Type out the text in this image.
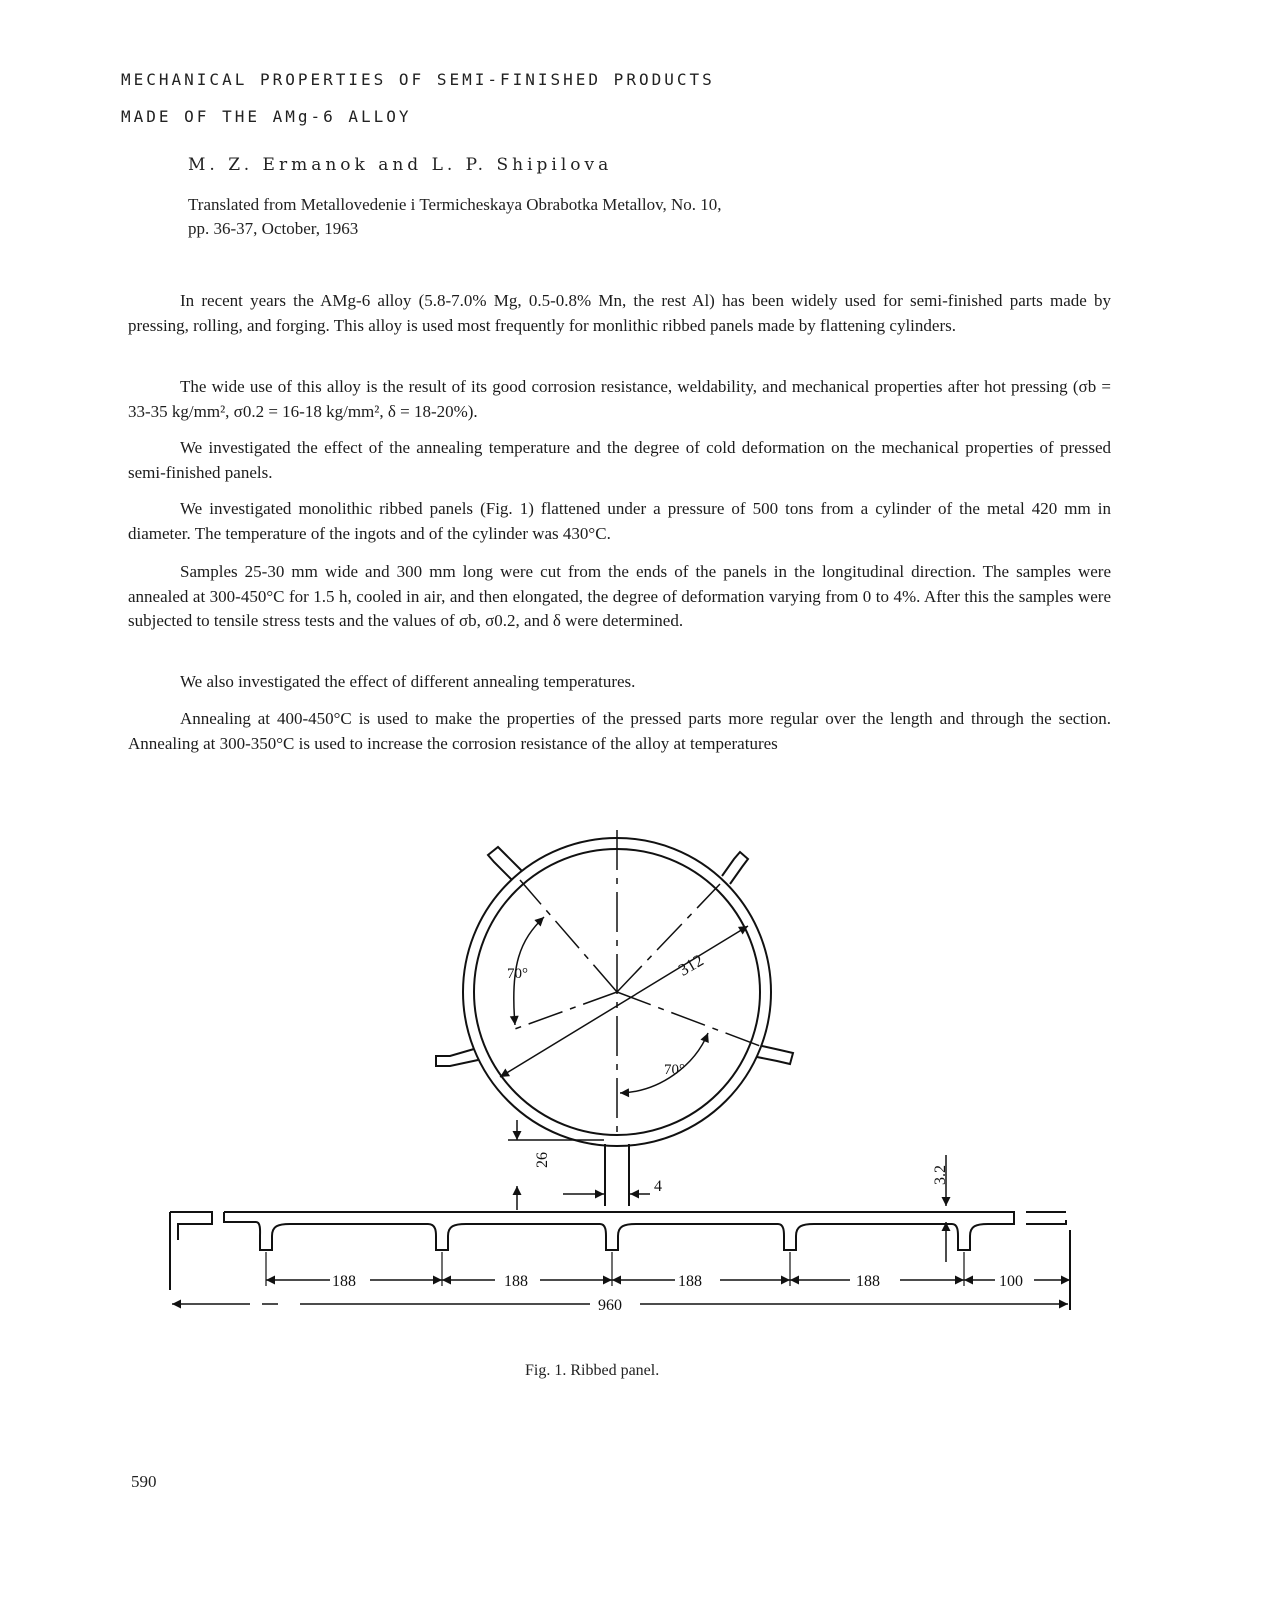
MECHANICAL PROPERTIES OF SEMI-FINISHED PRODUCTS
MADE OF THE AMg-6 ALLOY
M. Z. Ermanok and L. P. Shipilova
Translated from Metallovedenie i Termicheskaya Obrabotka Metallov, No. 10,
pp. 36-37, October, 1963
In recent years the AMg-6 alloy (5.8-7.0% Mg, 0.5-0.8% Mn, the rest Al) has been widely used for semi-finished parts made by pressing, rolling, and forging. This alloy is used most frequently for monlithic ribbed panels made by flattening cylinders.
The wide use of this alloy is the result of its good corrosion resistance, weldability, and mechanical properties after hot pressing (σb = 33-35 kg/mm², σ0.2 = 16-18 kg/mm², δ = 18-20%).
We investigated the effect of the annealing temperature and the degree of cold deformation on the mechanical properties of pressed semi-finished panels.
We investigated monolithic ribbed panels (Fig. 1) flattened under a pressure of 500 tons from a cylinder of the metal 420 mm in diameter. The temperature of the ingots and of the cylinder was 430°C.
Samples 25-30 mm wide and 300 mm long were cut from the ends of the panels in the longitudinal direction. The samples were annealed at 300-450°C for 1.5 h, cooled in air, and then elongated, the degree of deformation varying from 0 to 4%. After this the samples were subjected to tensile stress tests and the values of σb, σ0.2, and δ were determined.
We also investigated the effect of different annealing temperatures.
Annealing at 400-450°C is used to make the properties of the pressed parts more regular over the length and through the section. Annealing at 300-350°C is used to increase the corrosion resistance of the alloy at temperatures
70°
70°
312
26
4
3.2
188	188	188	188	100
960
Fig. 1. Ribbed panel.
590
